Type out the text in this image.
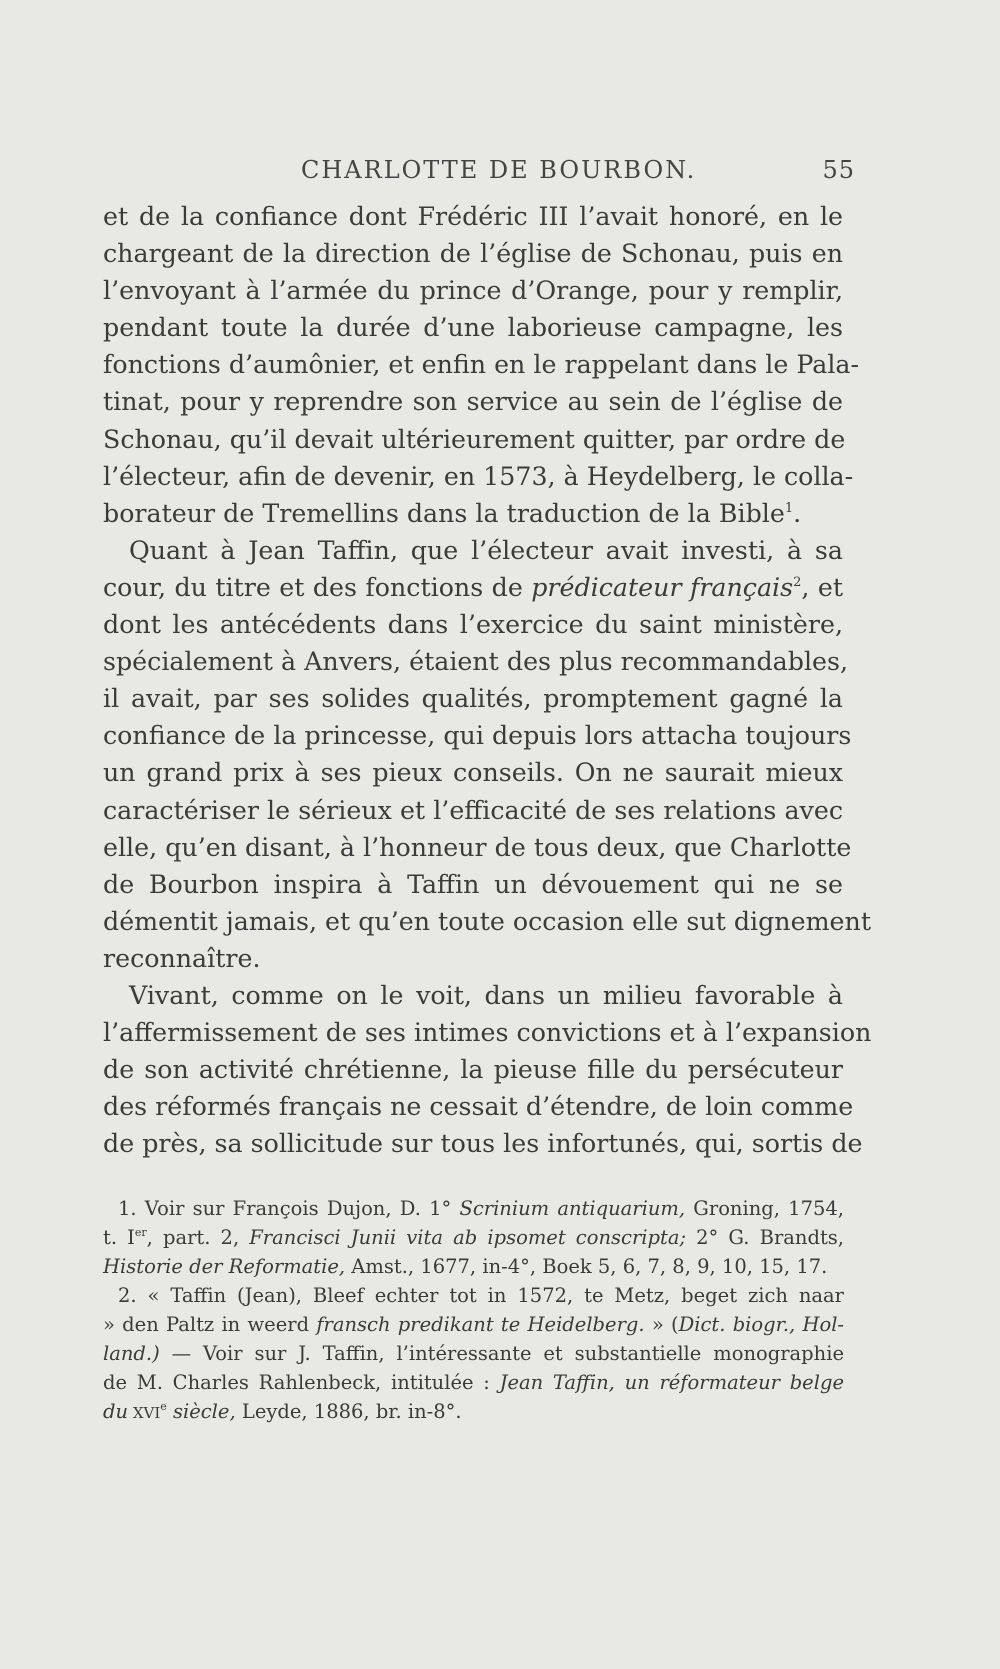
CHARLOTTE DE BOURBON.	55

et de la confiance dont Frédéric III l’avait honoré, en le
chargeant de la direction de l’église de Schonau, puis en
l’envoyant à l’armée du prince d’Orange, pour y remplir,
pendant toute la durée d’une laborieuse campagne, les
fonctions d’aumônier, et enfin en le rappelant dans le Pala-
tinat, pour y reprendre son service au sein de l’église de
Schonau, qu’il devait ultérieurement quitter, par ordre de
l’électeur, afin de devenir, en 1573, à Heydelberg, le colla-
borateur de Tremellins dans la traduction de la Bible$^1$.

Quant à Jean Taffin, que l’électeur avait investi, à sa
cour, du titre et des fonctions de prédicateur français$^2$, et
dont les antécédents dans l’exercice du saint ministère,
spécialement à Anvers, étaient des plus recommandables,
il avait, par ses solides qualités, promptement gagné la
confiance de la princesse, qui depuis lors attacha toujours
un grand prix à ses pieux conseils. On ne saurait mieux
caractériser le sérieux et l’efficacité de ses relations avec
elle, qu’en disant, à l’honneur de tous deux, que Charlotte
de Bourbon inspira à Taffin un dévouement qui ne se
démentit jamais, et qu’en toute occasion elle sut dignement
reconnaître.

Vivant, comme on le voit, dans un milieu favorable à
l’affermissement de ses intimes convictions et à l’expansion
de son activité chrétienne, la pieuse fille du persécuteur
des réformés français ne cessait d’étendre, de loin comme
de près, sa sollicitude sur tous les infortunés, qui, sortis de

1. Voir sur François Dujon, D. 1° Scrinium antiquarium, Groning, 1754,
t. Ier, part. 2, Francisci Junii vita ab ipsomet conscripta; 2° G. Brandts,
Historie der Reformatie, Amst., 1677, in-4°, Boek 5, 6, 7, 8, 9, 10, 15, 17.
2. « Taffin (Jean), Bleef echter tot in 1572, te Metz, beget zich naar
» den Paltz in weerd fransch predikant te Heidelberg. » (Dict. biogr., Hol-
land.) — Voir sur J. Taffin, l’intéressante et substantielle monographie
de M. Charles Rahlenbeck, intitulée : Jean Taffin, un réformateur belge
du XVIe siècle, Leyde, 1886, br. in-8°.
